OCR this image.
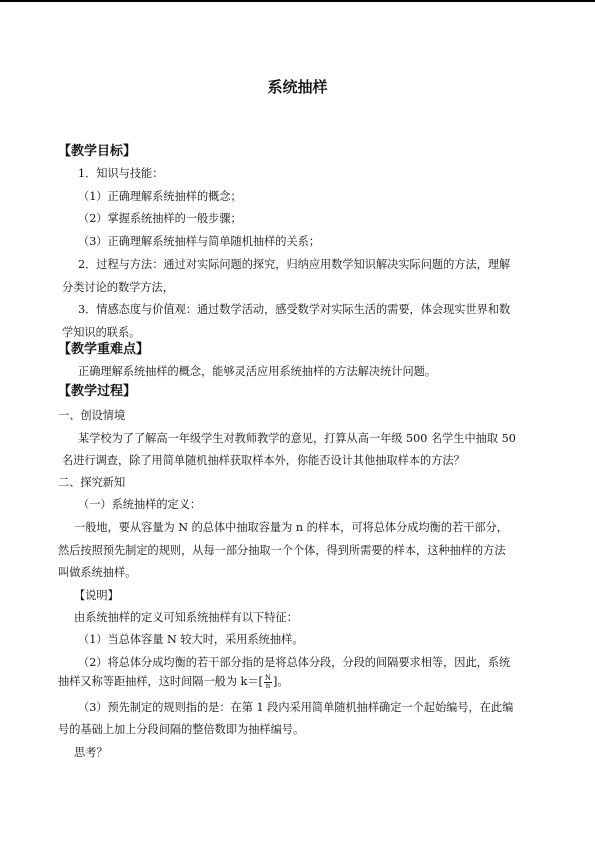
系统抽样
【教学目标】
1．知识与技能：
（1）正确理解系统抽样的概念；
（2）掌握系统抽样的一般步骤；
（3）正确理解系统抽样与简单随机抽样的关系；
2．过程与方法：通过对实际问题的探究，归纳应用数学知识解决实际问题的方法，理解
分类讨论的数学方法，
3．情感态度与价值观：通过数学活动，感受数学对实际生活的需要，体会现实世界和数
学知识的联系。
【教学重难点】
正确理解系统抽样的概念，能够灵活应用系统抽样的方法解决统计问题。
【教学过程】
一、创设情境
某学校为了了解高一年级学生对教师教学的意见，打算从高一年级 500 名学生中抽取 50
名进行调查，除了用简单随机抽样获取样本外，你能否设计其他抽取样本的方法？
二、探究新知
（一）系统抽样的定义：
一般地，要从容量为 N 的总体中抽取容量为 n 的样本，可将总体分成均衡的若干部分，
然后按照预先制定的规则，从每一部分抽取一个个体，得到所需要的样本，这种抽样的方法
叫做系统抽样。
【说明】
由系统抽样的定义可知系统抽样有以下特征：
（1）当总体容量 N 较大时，采用系统抽样。
（2）将总体分成均衡的若干部分指的是将总体分段，分段的间隔要求相等，因此，系统
抽样又称等距抽样，这时间隔一般为 $k=[ \frac{N}{n}$ ]。
（3）预先制定的规则指的是：在第 1 段内采用简单随机抽样确定一个起始编号，在此编
号的基础上加上分段间隔的整倍数即为抽样编号。
思考？
